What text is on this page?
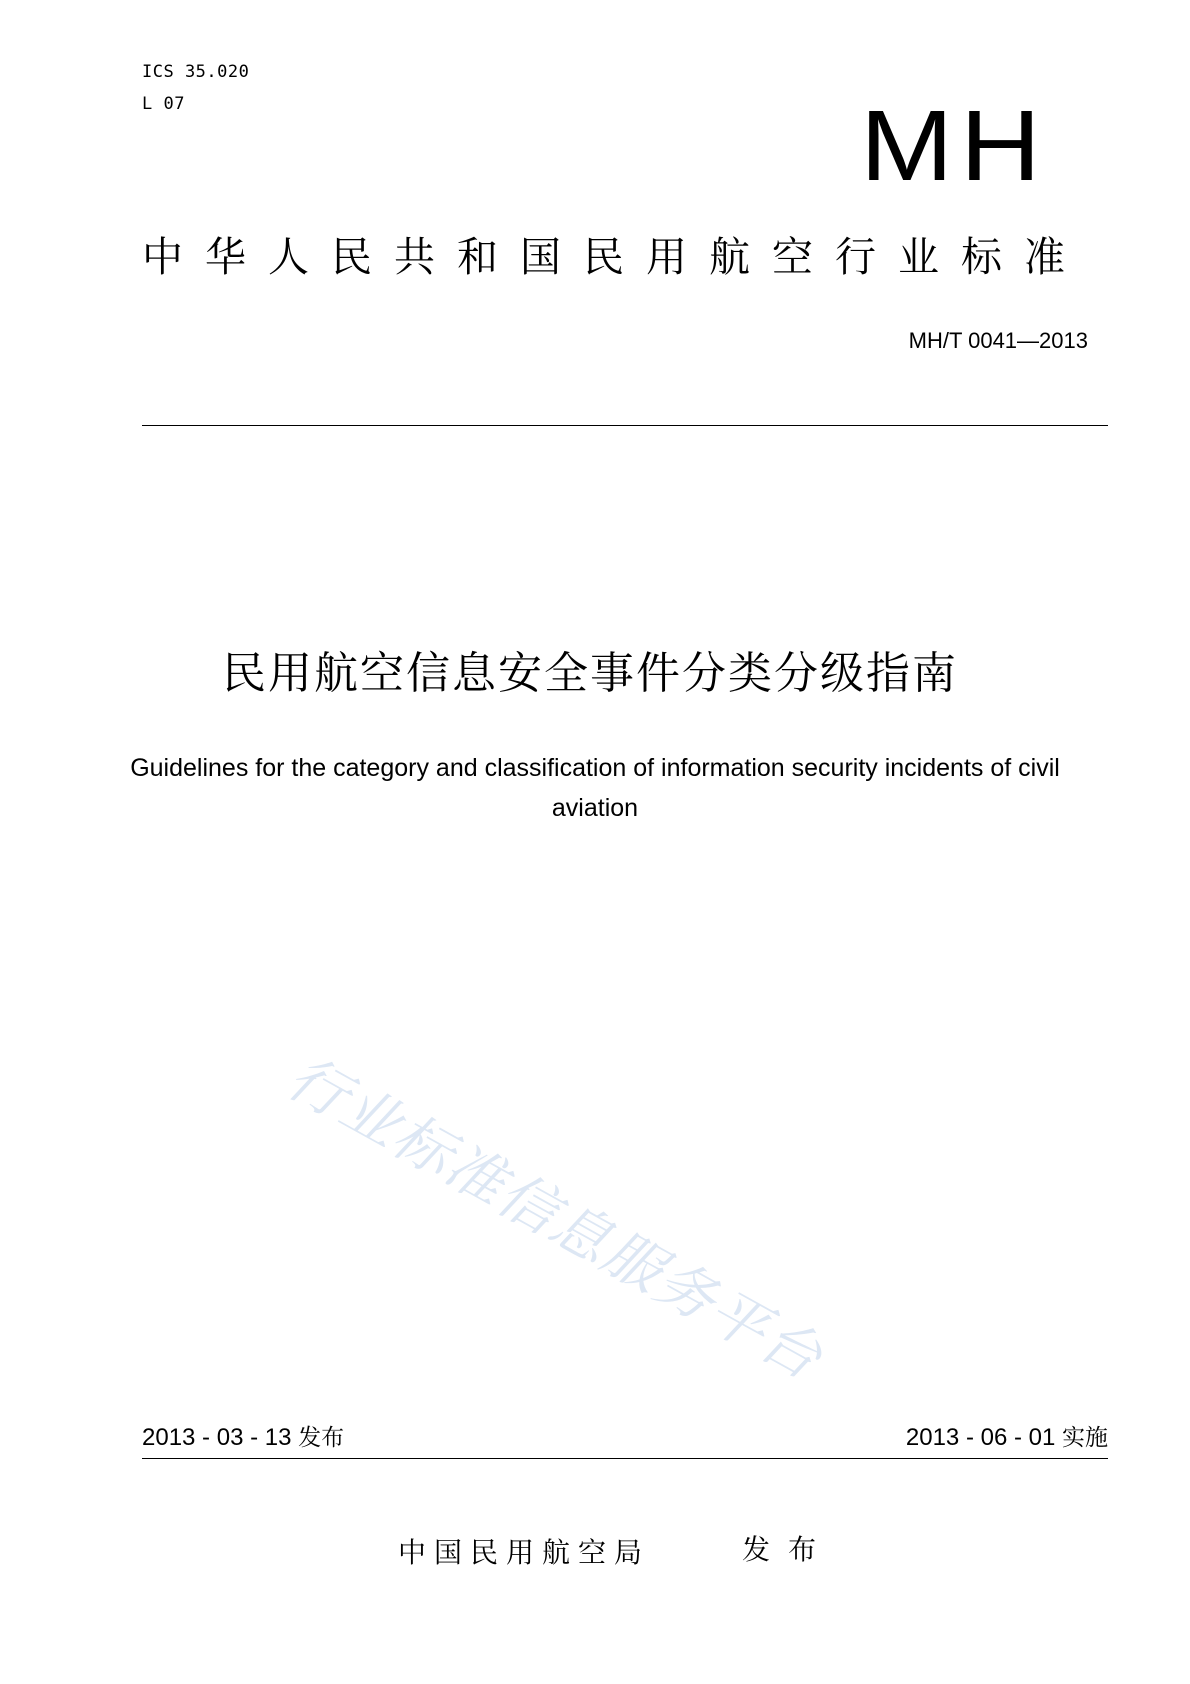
ICS 35.020
L 07	MH
中华人民共和国民用航空行业标准
MH/T 0041—2013
民用航空信息安全事件分类分级指南
Guidelines for the category and classification of information security incidents of civil aviation
行业标准信息服务平台
2013 - 03 - 13 发布	2013 - 06 - 01 实施
中国民用航空局	发布
